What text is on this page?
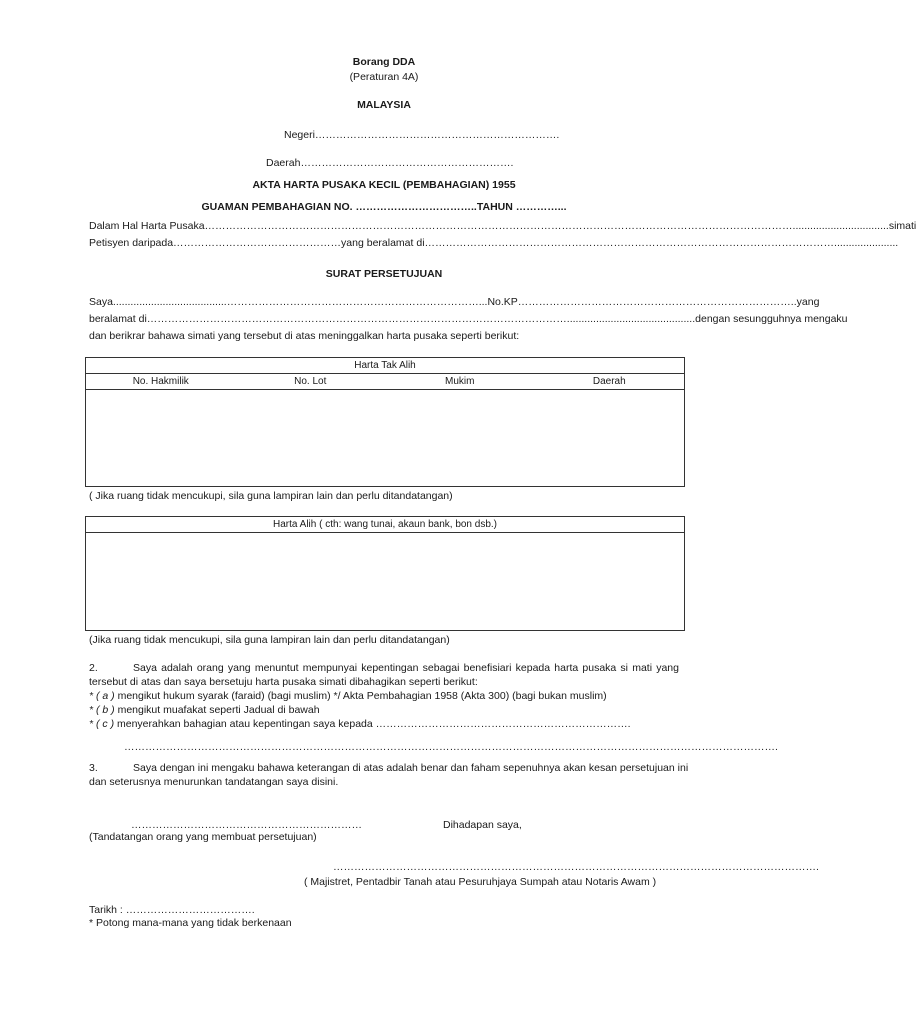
Borang DDA
(Peraturan 4A)
MALAYSIA
Negeri…………………………………………………………….
Daerah…………………………………………………….
AKTA HARTA PUSAKA KECIL (PEMBAHAGIAN) 1955
GUAMAN PEMBAHAGIAN NO. ……………………………..TAHUN …………...
Dalam Hal Harta Pusaka…………………………………………………………………………………………………………………………………………………….................................simati
Petisyen daripada…………………………………………yang beralamat di………………………………………………………………………………………………………......................
SURAT PERSETUJUAN
Saya.......................................………………………………………………………………...No.KP……………………………………………………………………..yang
beralamat di…………………………………………………………………………………………………………............................................dengan sesungguhnya mengaku
dan berikrar bahawa simati yang tersebut di atas meninggalkan harta pusaka seperti berikut:
Harta Tak Alih
No. Hakmilik	No. Lot	Mukim	Daerah
( Jika ruang tidak mencukupi, sila guna lampiran lain dan perlu ditandatangan)
Harta Alih ( cth: wang tunai, akaun bank, bon dsb.)
(Jika ruang tidak mencukupi, sila guna lampiran lain dan perlu ditandatangan)
2.	Saya adalah orang yang menuntut mempunyai kepentingan sebagai benefisiari kepada harta pusaka si mati yang
tersebut di atas dan saya bersetuju harta pusaka simati dibahagikan seperti berikut:
* ( a ) mengikut hukum syarak (faraid) (bagi muslim) */ Akta Pembahagian 1958 (Akta 300) (bagi bukan muslim)
* ( b ) mengikut muafakat seperti Jadual di bawah
* ( c ) menyerahkan bahagian atau kepentingan saya kepada ……………………………………………………………….
…………………………………………………………………………………………………………………………………………………………………….
3.	Saya dengan ini mengaku bahawa keterangan di atas adalah benar dan faham sepenuhnya akan kesan persetujuan ini
dan seterusnya menurunkan tandatangan saya disini.
…………………………………………………………
(Tandatangan orang yang membuat persetujuan)
Dihadapan saya,
………………………………………………………………………………………………………………………….
( Majistret, Pentadbir Tanah atau Pesuruhjaya Sumpah atau Notaris Awam )
Tarikh : ……………………………….
* Potong mana-mana yang tidak berkenaan
